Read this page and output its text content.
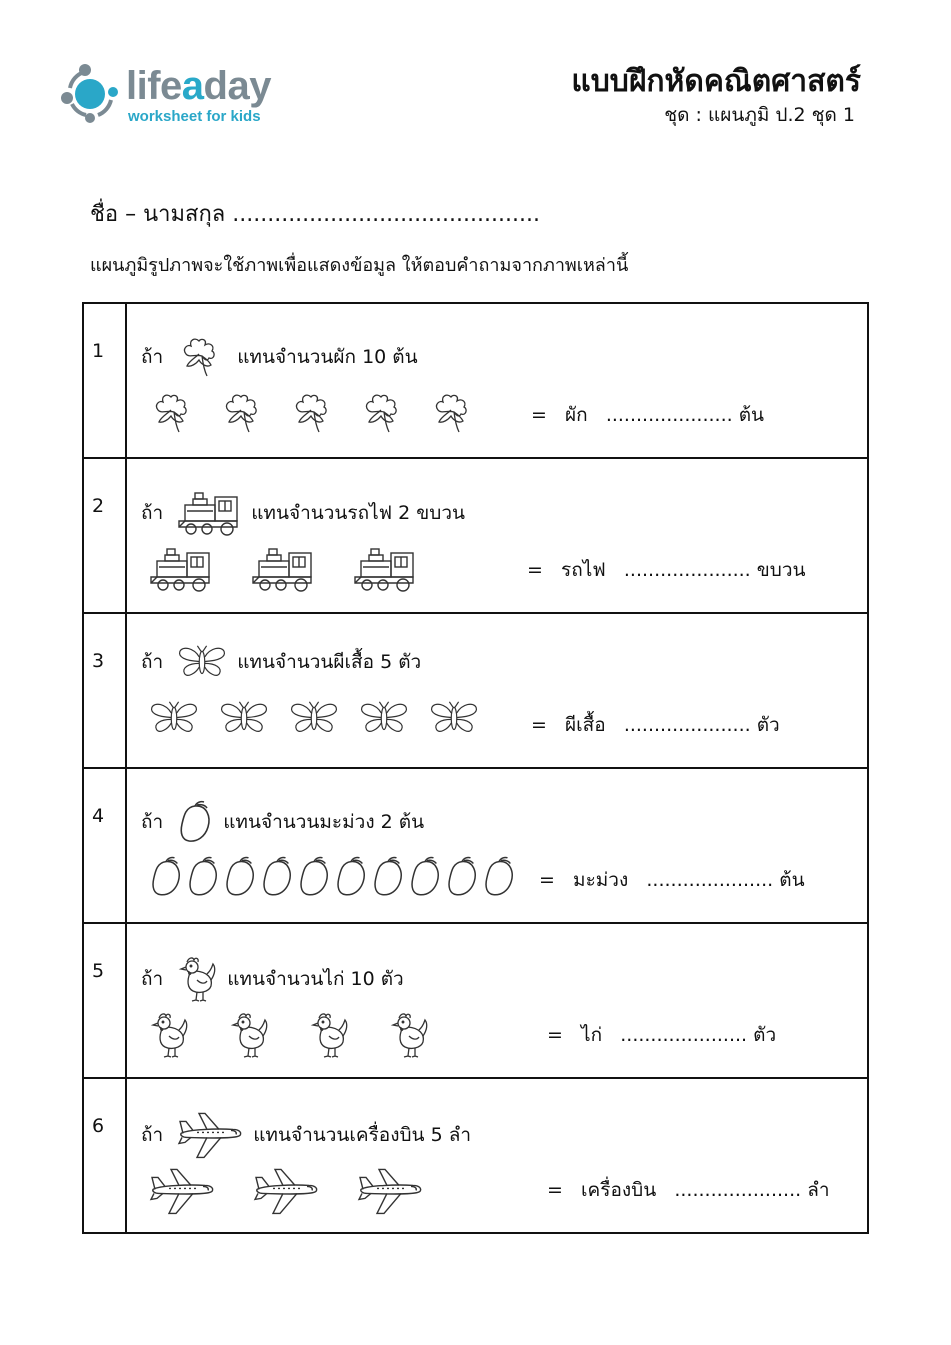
lifeaday
worksheet for kids
แบบฝึกหัดคณิตศาสตร์
ชุด : แผนภูมิ ป.2 ชุด 1
ชื่อ – นามสกุล ............................................
แผนภูมิรูปภาพจะใช้ภาพเพื่อแสดงข้อมูล ให้ตอบคำถามจากภาพเหล่านี้
1	ถ้า แทนจำนวนผัก 10 ต้น
= ผัก ..................... ต้น

2	ถ้า แทนจำนวนรถไฟ 2 ขบวน
= รถไฟ ..................... ขบวน

3	ถ้า แทนจำนวนผีเสื้อ 5 ตัว
= ผีเสื้อ ..................... ตัว

4	ถ้า แทนจำนวนมะม่วง 2 ต้น
= มะม่วง ..................... ต้น

5	ถ้า แทนจำนวนไก่ 10 ตัว
= ไก่ ..................... ตัว

6	ถ้า แทนจำนวนเครื่องบิน 5 ลำ
= เครื่องบิน ..................... ลำ
